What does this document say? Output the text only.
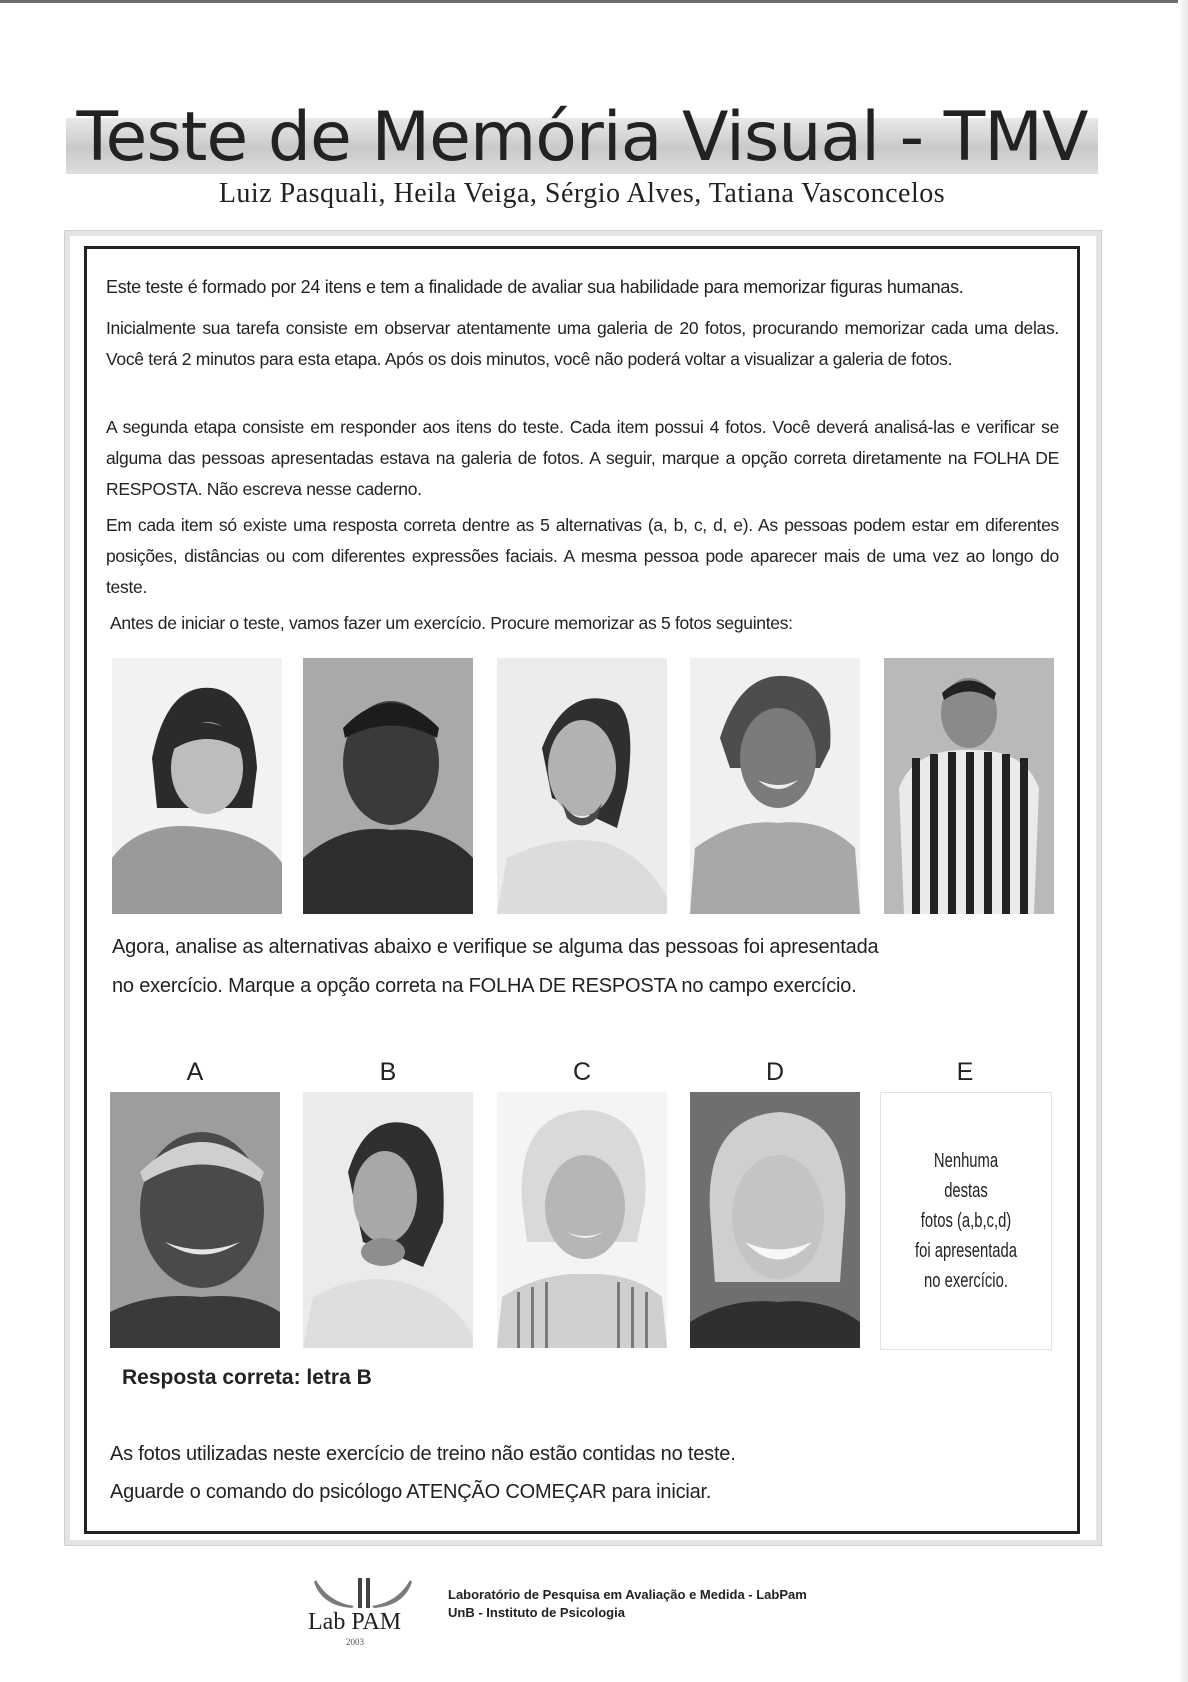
Teste de Memória Visual - TMV
Luiz Pasquali, Heila Veiga, Sérgio Alves, Tatiana Vasconcelos

Este teste é formado por 24 itens e tem a finalidade de avaliar sua habilidade para memorizar figuras humanas.

Inicialmente sua tarefa consiste em observar atentamente uma galeria de 20 fotos, procurando memorizar cada uma delas. Você terá 2 minutos para esta etapa. Após os dois minutos, você não poderá voltar a visualizar a galeria de fotos.

A segunda etapa consiste em responder aos itens do teste. Cada item possui 4 fotos. Você deverá analisá-las e verificar se alguma das pessoas apresentadas estava na galeria de fotos. A seguir, marque a opção correta diretamente na FOLHA DE RESPOSTA. Não escreva nesse caderno.

Em cada item só existe uma resposta correta dentre as 5 alternativas (a, b, c, d, e). As pessoas podem estar em diferentes posições, distâncias ou com diferentes expressões faciais. A mesma pessoa pode aparecer mais de uma vez ao longo do teste.

Antes de iniciar o teste, vamos fazer um exercício. Procure memorizar as 5 fotos seguintes:

Agora, analise as alternativas abaixo e verifique se alguma das pessoas foi apresentada
no exercício. Marque a opção correta na FOLHA DE RESPOSTA no campo exercício.
A	B	C	D	E
Nenhuma destas
fotos (a,b,c,d)
foi apresentada
no exercício.
Resposta correta: letra B
As fotos utilizadas neste exercício de treino não estão contidas no teste.
Aguarde o comando do psicólogo ATENÇÃO COMEÇAR para iniciar.
Lab PAM
2003
Laboratório de Pesquisa em Avaliação e Medida - LabPam
UnB - Instituto de Psicologia
